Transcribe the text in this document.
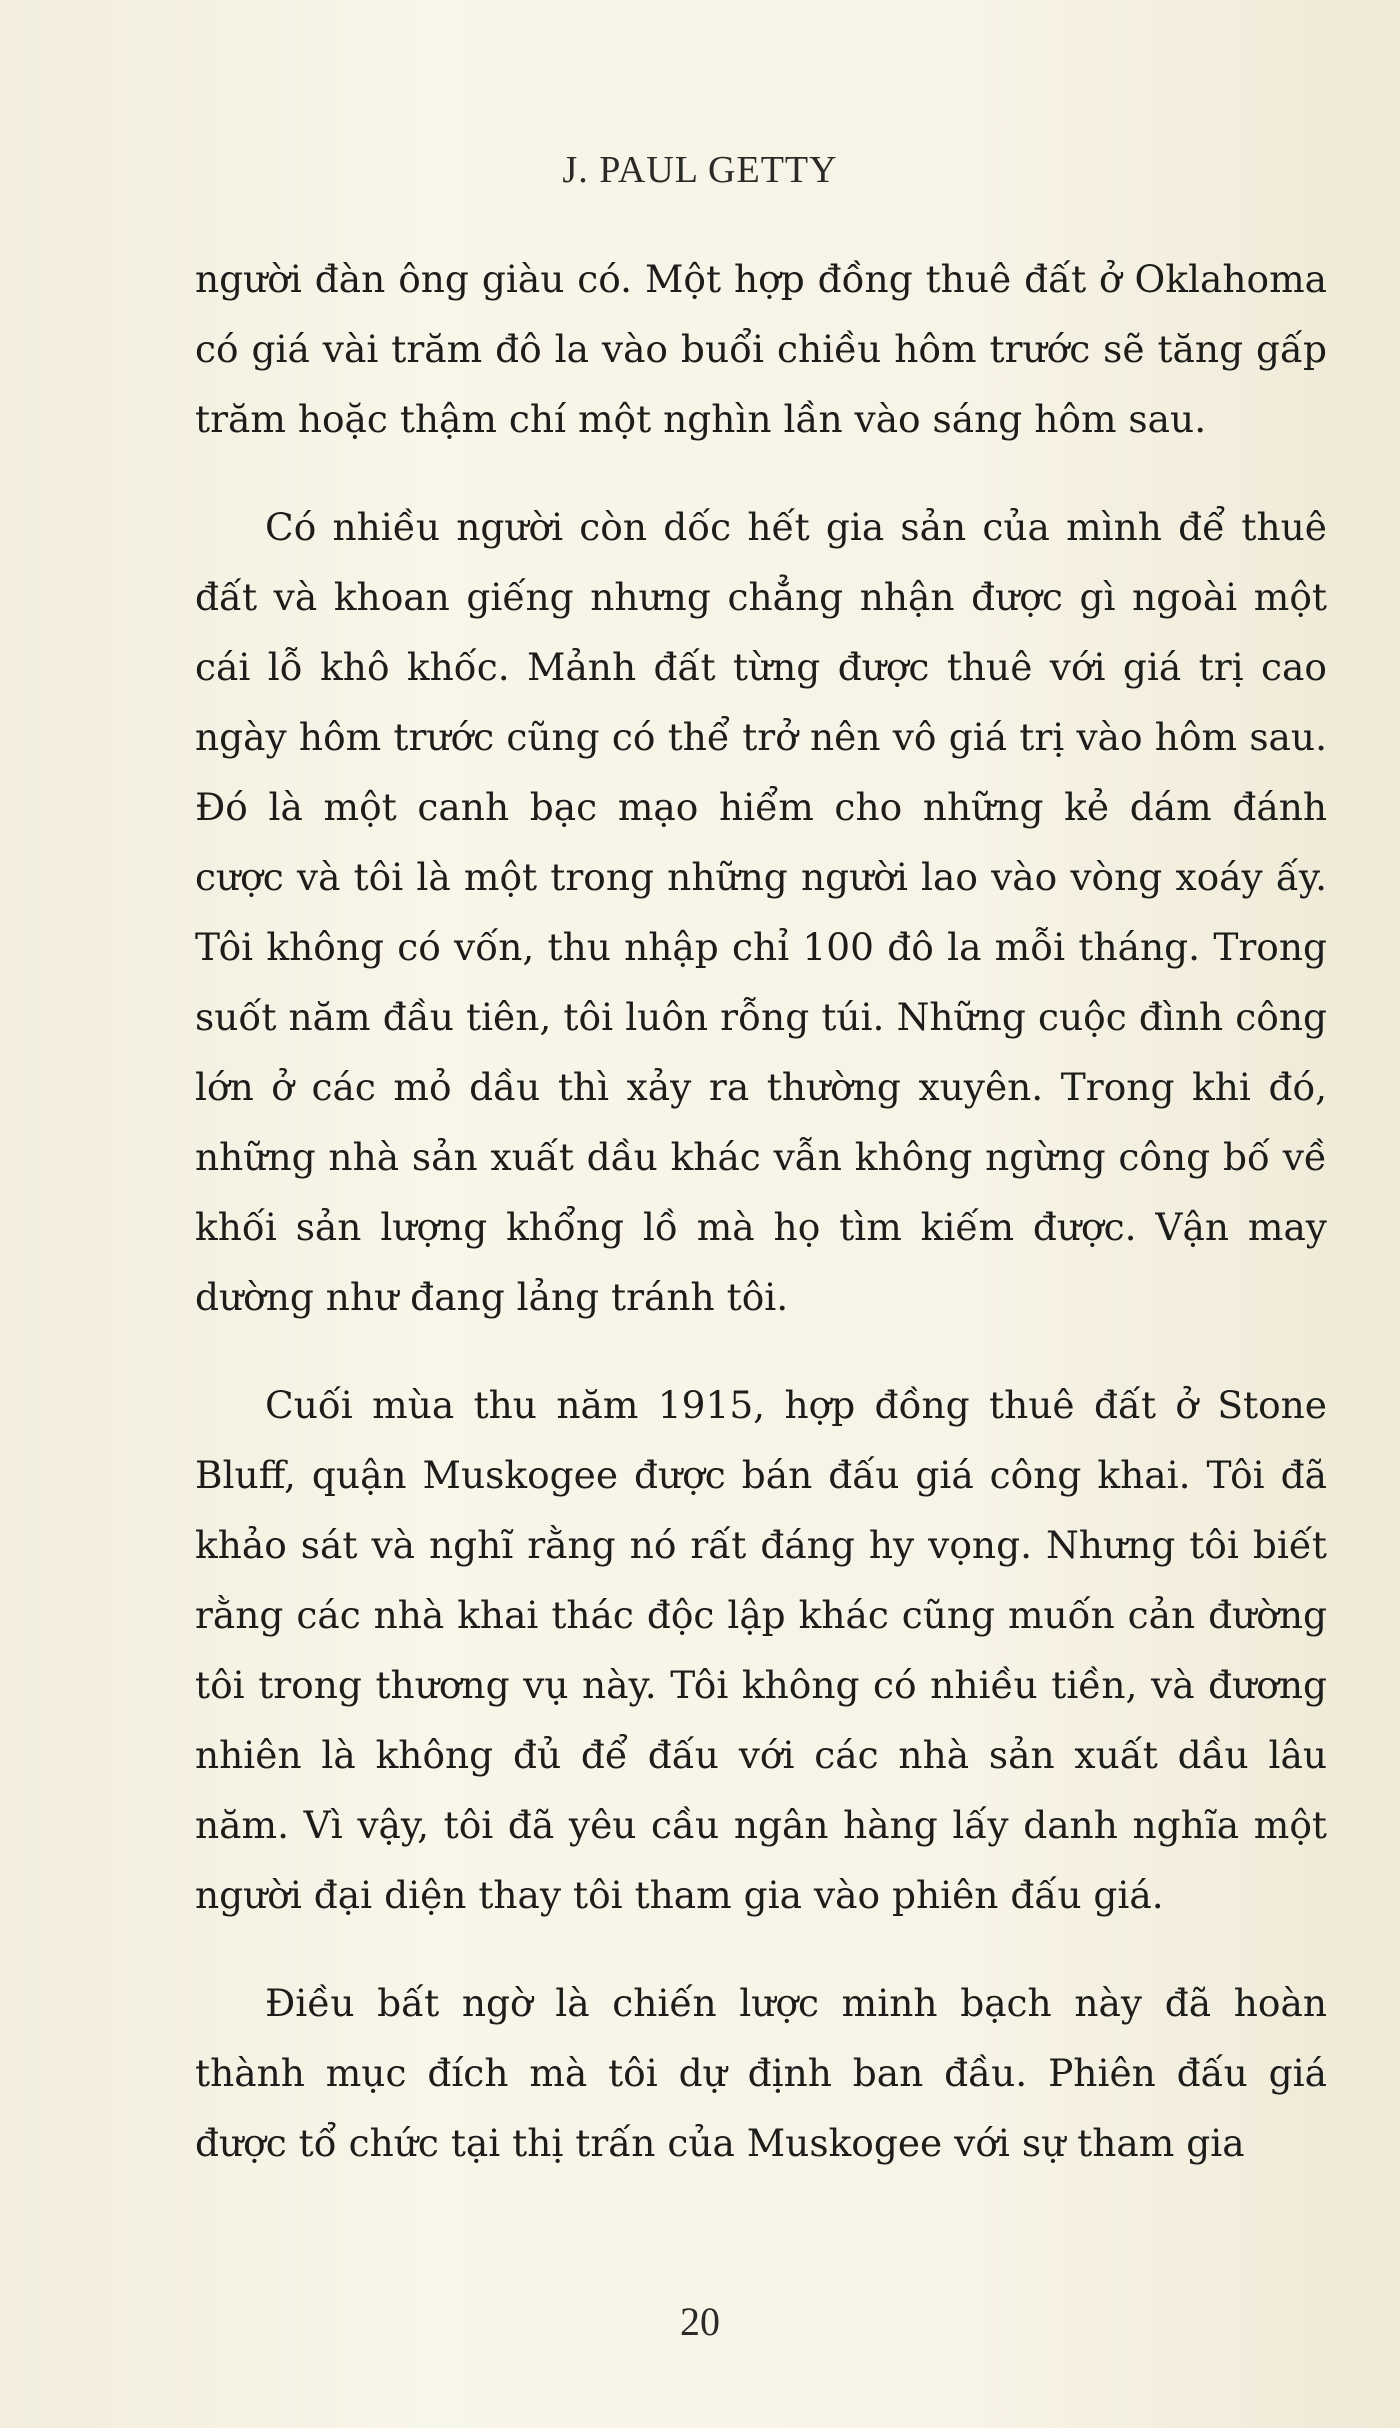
J. PAUL GETTY

người đàn ông giàu có. Một hợp đồng thuê đất ở Oklahoma có giá vài trăm đô la vào buổi chiều hôm trước sẽ tăng gấp trăm hoặc thậm chí một nghìn lần vào sáng hôm sau.

Có nhiều người còn dốc hết gia sản của mình để thuê đất và khoan giếng nhưng chẳng nhận được gì ngoài một cái lỗ khô khốc. Mảnh đất từng được thuê với giá trị cao ngày hôm trước cũng có thể trở nên vô giá trị vào hôm sau. Đó là một canh bạc mạo hiểm cho những kẻ dám đánh cược và tôi là một trong những người lao vào vòng xoáy ấy. Tôi không có vốn, thu nhập chỉ 100 đô la mỗi tháng. Trong suốt năm đầu tiên, tôi luôn rỗng túi. Những cuộc đình công lớn ở các mỏ dầu thì xảy ra thường xuyên. Trong khi đó, những nhà sản xuất dầu khác vẫn không ngừng công bố về khối sản lượng khổng lồ mà họ tìm kiếm được. Vận may dường như đang lảng tránh tôi.

Cuối mùa thu năm 1915, hợp đồng thuê đất ở Stone Bluff, quận Muskogee được bán đấu giá công khai. Tôi đã khảo sát và nghĩ rằng nó rất đáng hy vọng. Nhưng tôi biết rằng các nhà khai thác độc lập khác cũng muốn cản đường tôi trong thương vụ này. Tôi không có nhiều tiền, và đương nhiên là không đủ để đấu với các nhà sản xuất dầu lâu năm. Vì vậy, tôi đã yêu cầu ngân hàng lấy danh nghĩa một người đại diện thay tôi tham gia vào phiên đấu giá.

Điều bất ngờ là chiến lược minh bạch này đã hoàn thành mục đích mà tôi dự định ban đầu. Phiên đấu giá được tổ chức tại thị trấn của Muskogee với sự tham gia

20
